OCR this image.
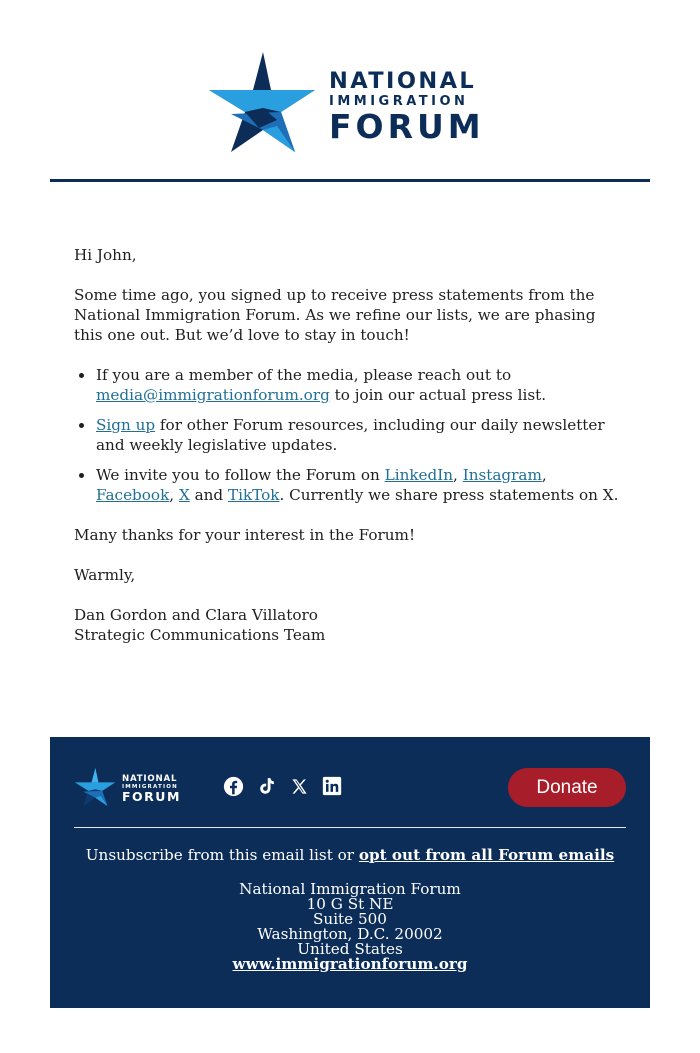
NATIONAL
IMMIGRATION
FORUM

Hi John,

Some time ago, you signed up to receive press statements from the National Immigration Forum. As we refine our lists, we are phasing this one out. But we’d love to stay in touch!

If you are a member of the media, please reach out to media@immigrationforum.org to join our actual press list.
Sign up for other Forum resources, including our daily newsletter and weekly legislative updates.
We invite you to follow the Forum on LinkedIn, Instagram, Facebook, X and TikTok. Currently we share press statements on X.

Many thanks for your interest in the Forum!

Warmly,

Dan Gordon and Clara Villatoro
Strategic Communications Team

NATIONAL
IMMIGRATION
FORUM	Donate
Unsubscribe from this email list or opt out from all Forum emails
National Immigration Forum
10 G St NE
Suite 500
Washington, D.C. 20002
United States
www.immigrationforum.org
